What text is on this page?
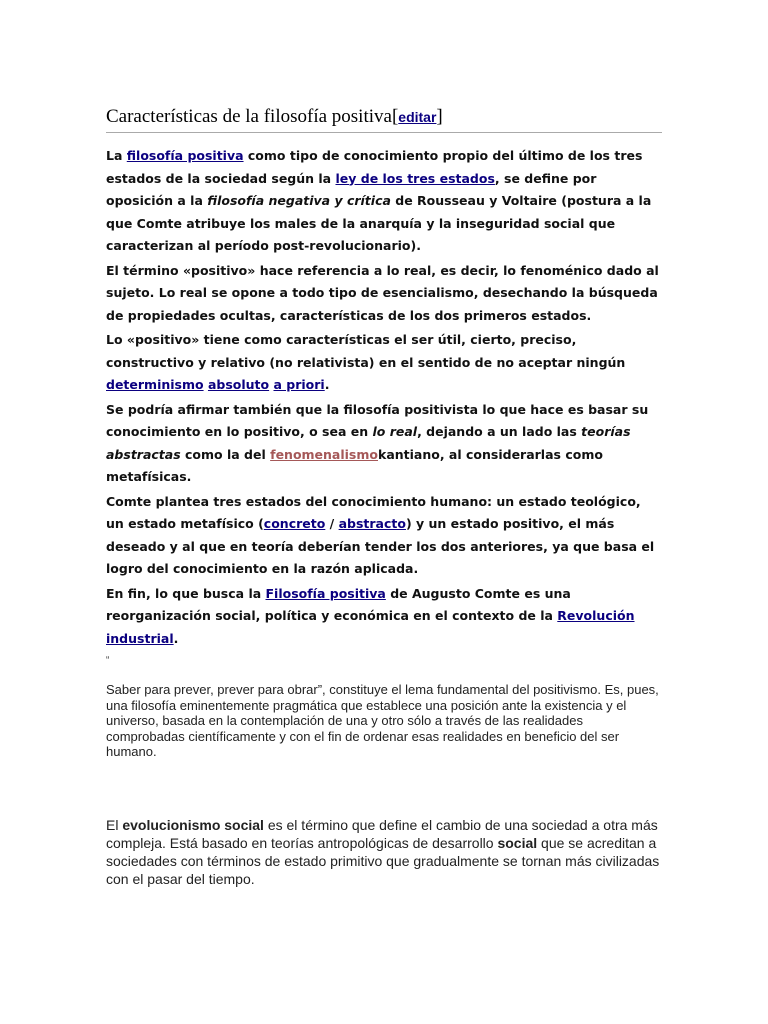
Características de la filosofía positiva[editar]

La filosofía positiva como tipo de conocimiento propio del último de los tres estados de la sociedad según la ley de los tres estados, se define por oposición a la filosofía negativa y crítica de Rousseau y Voltaire (postura a la que Comte atribuye los males de la anarquía y la inseguridad social que caracterizan al período post-revolucionario).

El término «positivo» hace referencia a lo real, es decir, lo fenoménico dado al sujeto. Lo real se opone a todo tipo de esencialismo, desechando la búsqueda de propiedades ocultas, características de los dos primeros estados.

Lo «positivo» tiene como características el ser útil, cierto, preciso, constructivo y relativo (no relativista) en el sentido de no aceptar ningún determinismo absoluto a priori.

Se podría afirmar también que la filosofía positivista lo que hace es basar su conocimiento en lo positivo, o sea en lo real, dejando a un lado las teorías abstractas como la del fenomenalismokantiano, al considerarlas como metafísicas.

Comte plantea tres estados del conocimiento humano: un estado teológico, un estado metafísico (concreto / abstracto) y un estado positivo, el más deseado y al que en teoría deberían tender los dos anteriores, ya que basa el logro del conocimiento en la razón aplicada.

En fin, lo que busca la Filosofía positiva de Augusto Comte es una reorganización social, política y económica en el contexto de la Revolución industrial.

“

Saber para prever, prever para obrar”, constituye el lema fundamental del positivismo. Es, pues, una filosofía eminentemente pragmática que establece una posición ante la existencia y el universo, basada en la contemplación de una y otro sólo a través de las realidades comprobadas científicamente y con el fin de ordenar esas realidades en beneficio del ser humano.

El evolucionismo social es el término que define el cambio de una sociedad a otra más compleja. Está basado en teorías antropológicas de desarrollo social que se acreditan a sociedades con términos de estado primitivo que gradualmente se tornan más civilizadas con el pasar del tiempo.
